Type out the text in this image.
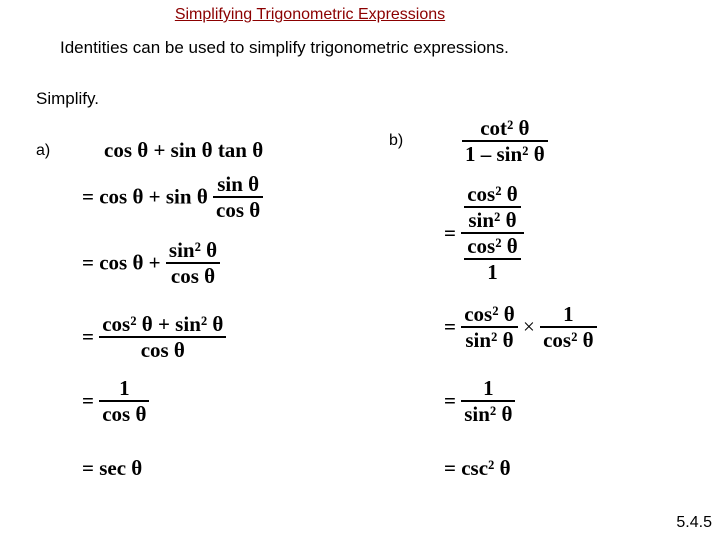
Simplifying Trigonometric Expressions
Identities can be used to simplify trigonometric expressions.
Simplify.
a)	cos θ + sin θ tan θ
= cos θ + sin θ $\frac{\text{sin θ}}{\text{cos θ}}$
= $\cos \theta + \frac{\text{sin² θ}}{\text{cos θ}}$
= $\frac{\text{cos² θ + sin² θ}}{\text{cos θ}}$
= $\frac{1}{\text{cos θ}}$
= sec θ
b)	$\frac{\text{cot² θ}}{\text{1 – sin² θ}}$
= $\frac{\frac{\text{cos² θ}}{\text{sin² θ}}}{\frac{\text{cos² θ}}{1}}$
= $\frac{\text{cos² θ}}{\text{sin² θ}} \times \frac{1}{\text{cos² θ}}$
= $\frac{1}{\text{sin² θ}}$
= csc² θ
5.4.5
